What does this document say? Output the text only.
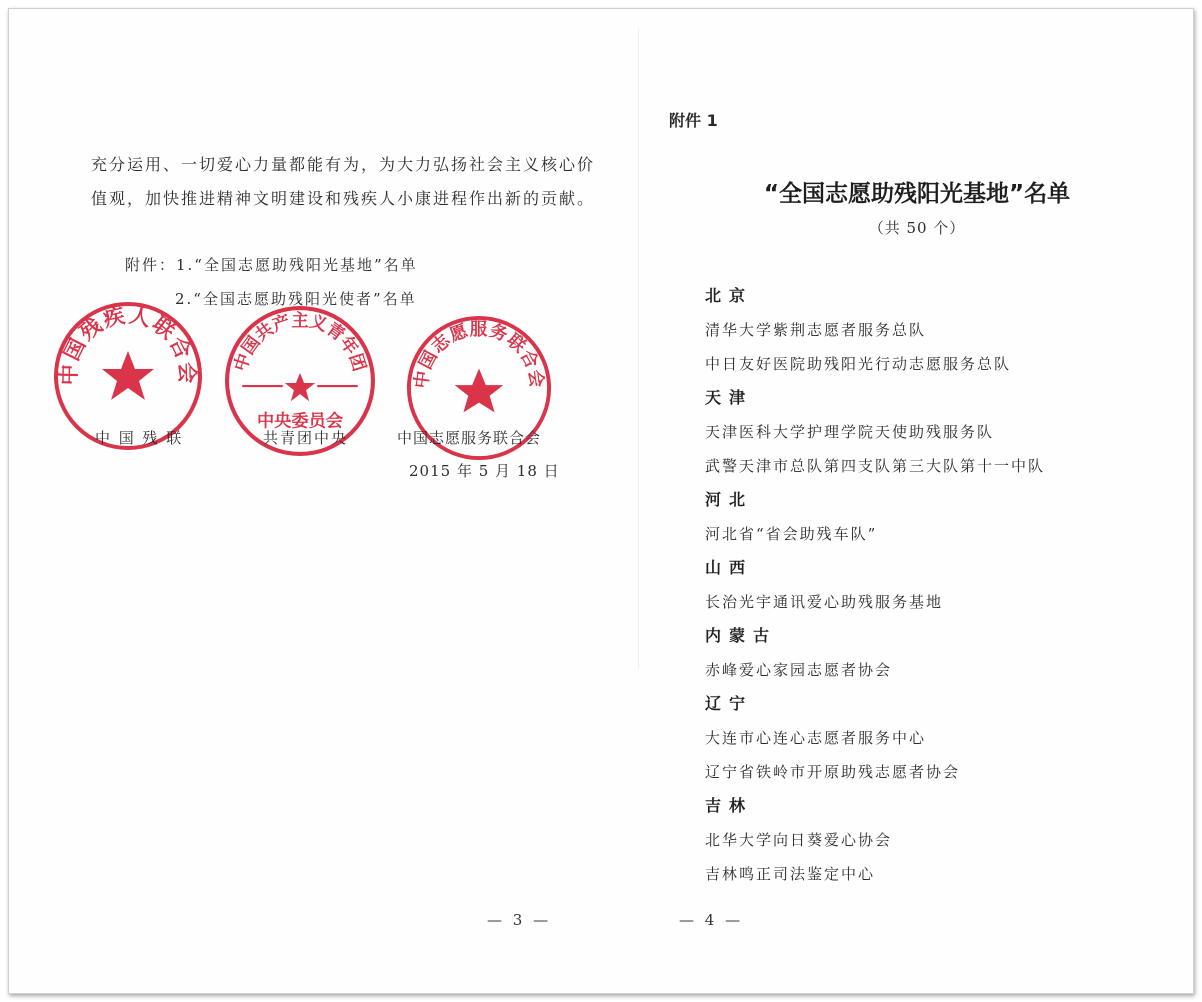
充分运用、一切爱心力量都能有为，为大力弘扬社会主义核心价
值观，加快推进精神文明建设和残疾人小康进程作出新的贡献。
附件：1.“全国志愿助残阳光基地”名单
2.“全国志愿助残阳光使者”名单
中国残疾人联合会 中国共产主义青年团
中央委员会
中国志愿服务联合会
中 国 残 联	共青团中央	中国志愿服务联合会
2015 年 5 月 18 日
— 3 —
附件 1
“全国志愿助残阳光基地”名单
（共 50 个）
北京
清华大学紫荆志愿者服务总队
中日友好医院助残阳光行动志愿服务总队
天津
天津医科大学护理学院天使助残服务队
武警天津市总队第四支队第三大队第十一中队
河北
河北省“省会助残车队”
山西
长治光宇通讯爱心助残服务基地
内蒙古
赤峰爱心家园志愿者协会
辽宁
大连市心连心志愿者服务中心
辽宁省铁岭市开原助残志愿者协会
吉林
北华大学向日葵爱心协会
吉林鸣正司法鉴定中心
— 4 —
